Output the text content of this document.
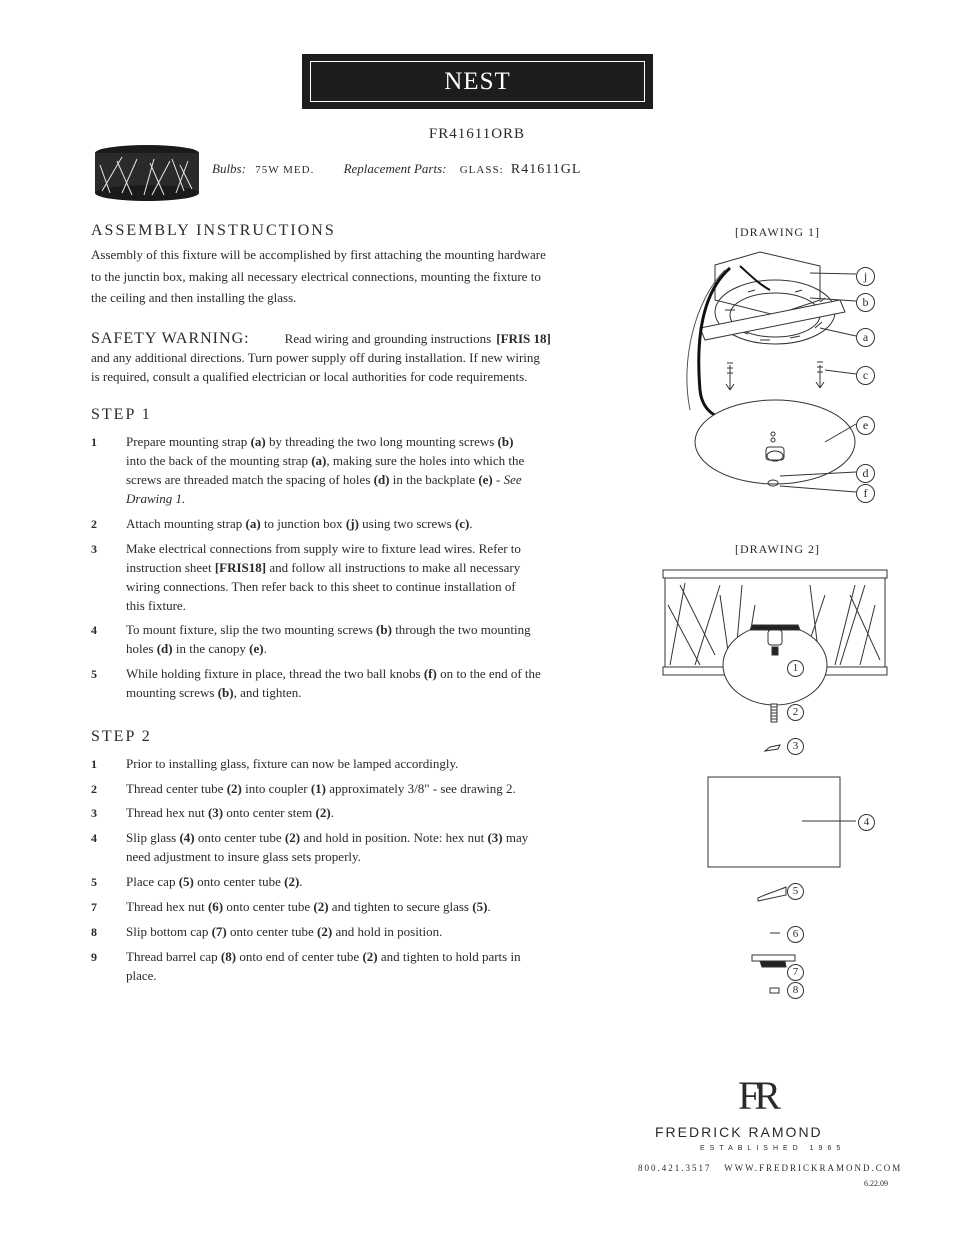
NEST
FR41611ORB
Bulbs: 75W MED. Replacement Parts: GLASS: R41611GL
ASSEMBLY INSTRUCTIONS
Assembly of this fixture will be accomplished by first attaching the mounting hardware
to the junctin box, making all necessary electrical connections, mounting the fixture to
the ceiling and then installing the glass.
SAFETY WARNING:	Read wiring and grounding instructions [FRIS 18]
and any additional directions. Turn power supply off during installation. If new wiring
is required, consult a qualified electrician or local authorities for code requirements.
STEP 1
1	Prepare mounting strap (a) by threading the two long mounting screws (b)
into the back of the mounting strap (a), making sure the holes into which the
screws are threaded match the spacing of holes (d) in the backplate (e) - See
Drawing 1.
2	Attach mounting strap (a) to junction box (j) using two screws (c).
3	Make electrical connections from supply wire to fixture lead wires. Refer to
instruction sheet [FRIS18] and follow all instructions to make all necessary
wiring connections. Then refer back to this sheet to continue installation of
this fixture.
4	To mount fixture, slip the two mounting screws (b) through the two mounting
holes (d) in the canopy (e).
5	While holding fixture in place, thread the two ball knobs (f) on to the end of the
mounting screws (b), and tighten.
STEP 2
1	Prior to installing glass, fixture can now be lamped accordingly.
2	Thread center tube (2) into coupler (1) approximately 3/8" - see drawing 2.
3	Thread hex nut (3) onto center stem (2).
4	Slip glass (4) onto center tube (2) and hold in position. Note: hex nut (3) may
need adjustment to insure glass sets properly.
5	Place cap (5) onto center tube (2).
7	Thread hex nut (6) onto center tube (2) and tighten to secure glass (5).
8	Slip bottom cap (7) onto center tube (2) and hold in position.
9	Thread barrel cap (8) onto end of center tube (2) and tighten to hold parts in
place.
[DRAWING 1]
j
b
a
c
e
d
f
[DRAWING 2]
1
2
3
4
5
6
7
8
FR
FREDRICK RAMOND
ESTABLISHED 1965
800.421.3517   WWW.FREDRICKRAMOND.COM
6.22.09
